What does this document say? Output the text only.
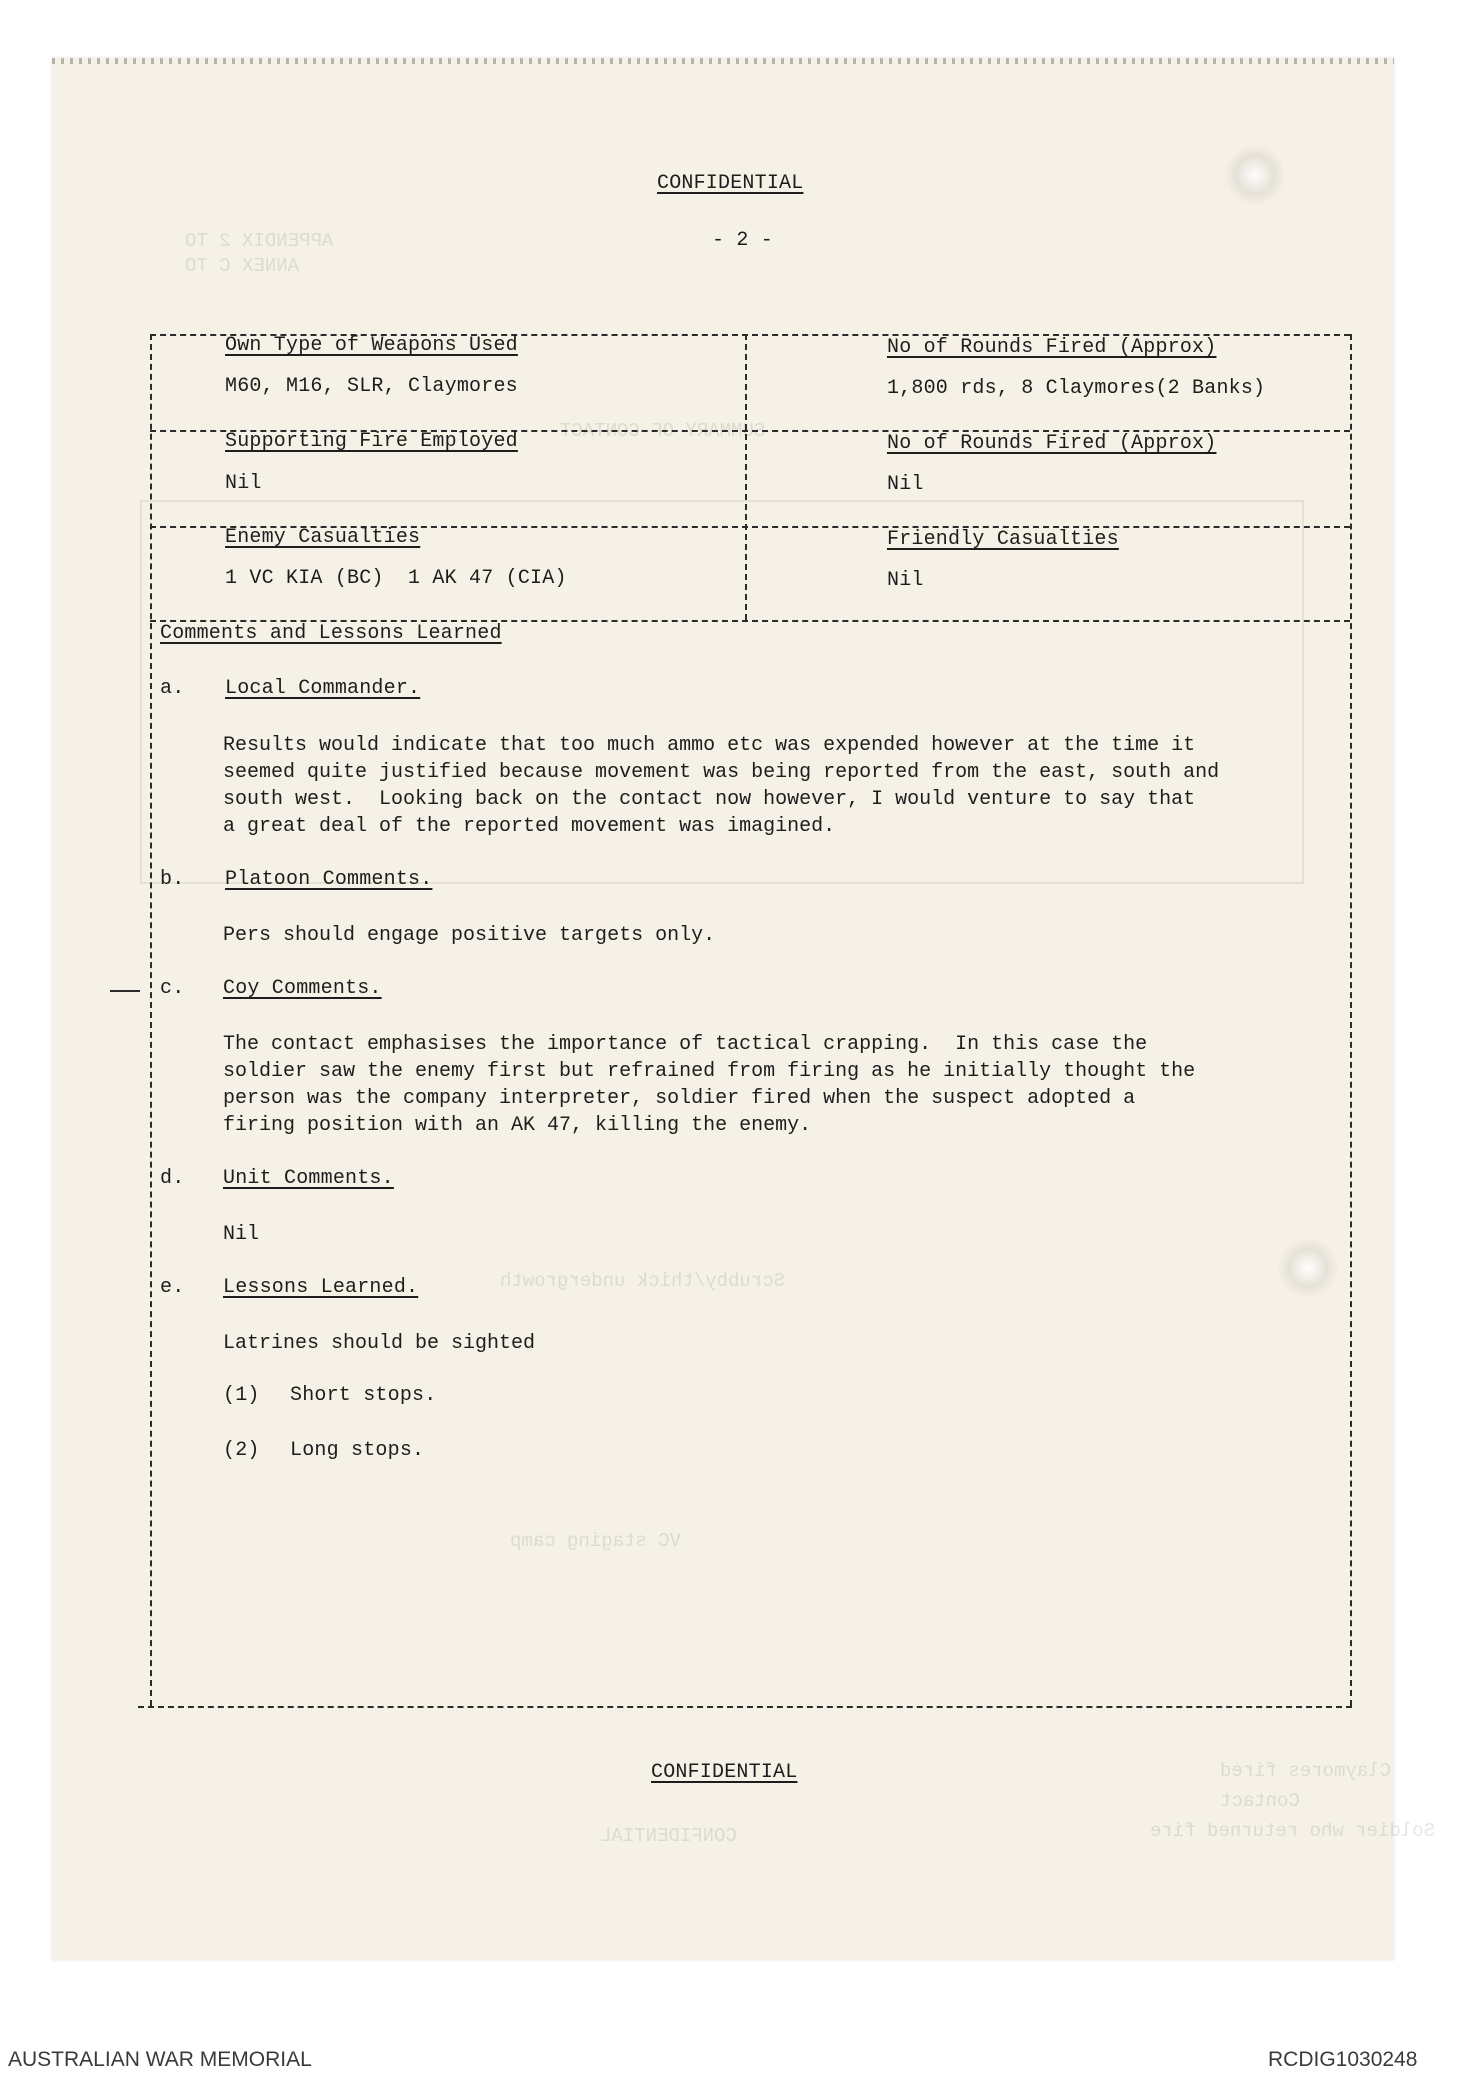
APPENDIX 2 TO
ANNEX C TO
SUMMARY OF CONTACT
VC staging camp
Scrubby/thick undergrowth
Claymores fired
Contact
Soldier who returned fire
CONFIDENTIAL
CONFIDENTIAL
- 2 -
Own Type of Weapons Used
M60, M16, SLR, Claymores
No of Rounds Fired (Approx)
1,800 rds, 8 Claymores(2 Banks)
Supporting Fire Employed
Nil
No of Rounds Fired (Approx)
Nil
Enemy Casualties
1 VC KIA (BC)  1 AK 47 (CIA)
Friendly Casualties
Nil
Comments and Lessons Learned
a. Local Commander.
Results would indicate that too much ammo etc was expended however at the time it
seemed quite justified because movement was being reported from the east, south and
south west.  Looking back on the contact now however, I would venture to say that
a great deal of the reported movement was imagined.
b. Platoon Comments.
Pers should engage positive targets only.
c. Coy Comments.
The contact emphasises the importance of tactical crapping.  In this case the
soldier saw the enemy first but refrained from firing as he initially thought the
person was the company interpreter, soldier fired when the suspect adopted a
firing position with an AK 47, killing the enemy.
d. Unit Comments.
Nil
e. Lessons Learned.
Latrines should be sighted
(1) Short stops.
(2) Long stops.
CONFIDENTIAL
AUSTRALIAN WAR MEMORIAL	RCDIG1030248
